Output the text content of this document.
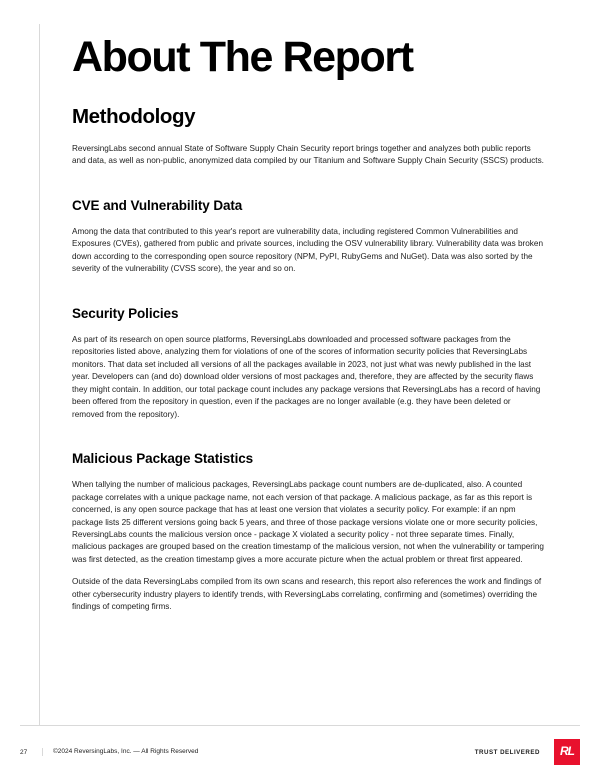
About The Report
Methodology

ReversingLabs second annual State of Software Supply Chain Security report brings together and analyzes both public reports and data, as well as non-public, anonymized data compiled by our Titanium and Software Supply Chain Security (SSCS) products.

CVE and Vulnerability Data

Among the data that contributed to this year's report are vulnerability data, including registered Common Vulnerabilities and Exposures (CVEs), gathered from public and private sources, including the OSV vulnerability library. Vulnerability data was broken down according to the corresponding open source repository (NPM, PyPI, RubyGems and NuGet). Data was also sorted by the severity of the vulnerability (CVSS score), the year and so on.

Security Policies

As part of its research on open source platforms, ReversingLabs downloaded and processed software packages from the repositories listed above, analyzing them for violations of one of the scores of information security policies that ReversingLabs monitors. That data set included all versions of all the packages available in 2023, not just what was newly published in the last year. Developers can (and do) download older versions of most packages and, therefore, they are affected by the security flaws they might contain. In addition, our total package count includes any package versions that ReversingLabs has a record of having been offered from the repository in question, even if the packages are no longer available (e.g. they have been deleted or removed from the repository).

Malicious Package Statistics

When tallying the number of malicious packages, ReversingLabs package count numbers are de-duplicated, also. A counted package correlates with a unique package name, not each version of that package. A malicious package, as far as this report is concerned, is any open source package that has at least one version that violates a security policy. For example: if an npm package lists 25 different versions going back 5 years, and three of those package versions violate one or more security policies, ReversingLabs counts the malicious version once - package X violated a security policy - not three separate times. Finally, malicious packages are grouped based on the creation timestamp of the malicious version, not when the vulnerability or tampering was first detected, as the creation timestamp gives a more accurate picture when the actual problem or threat first appeared.

Outside of the data ReversingLabs compiled from its own scans and research, this report also references the work and findings of other cybersecurity industry players to identify trends, with ReversingLabs correlating, confirming and (sometimes) overriding the findings of competing firms.

27	©2024 ReversingLabs, Inc. — All Rights Reserved	TRUST DELIVERED RL
